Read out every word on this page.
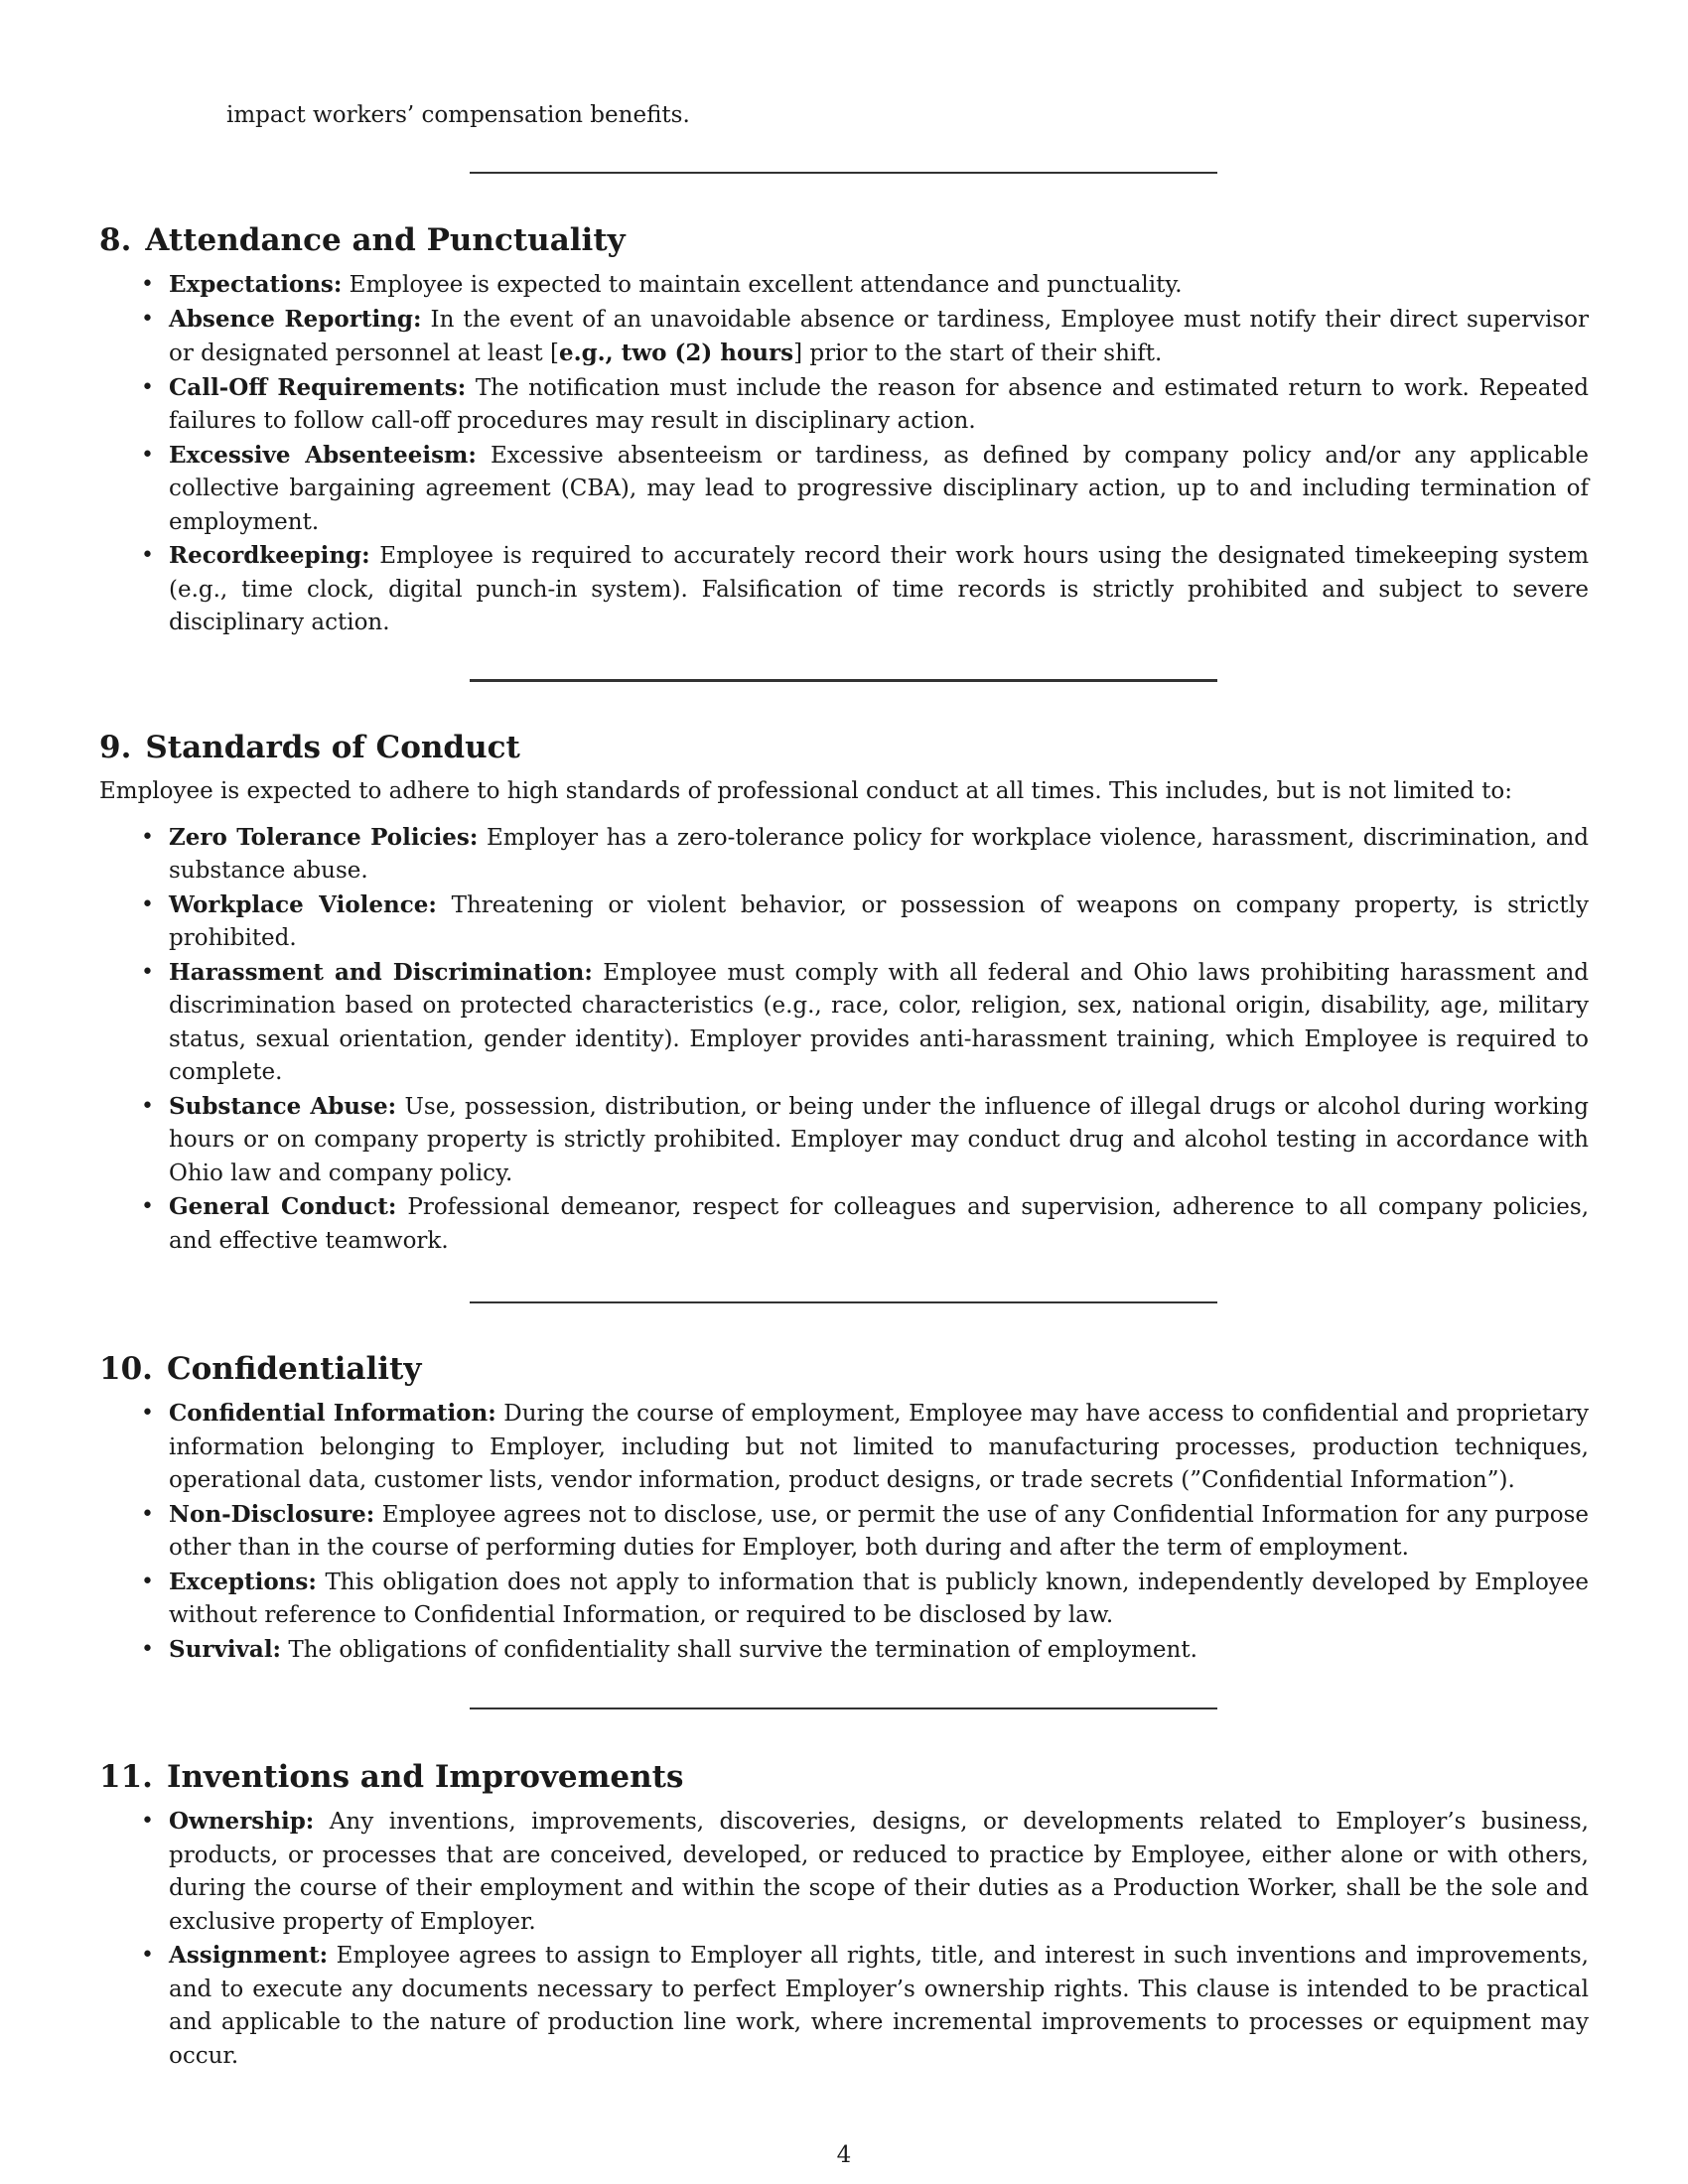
impact workers’ compensation benefits.
8. Attendance and Punctuality
• Expectations: Employee is expected to maintain excellent attendance and punctuality.
• Absence Reporting: In the event of an unavoidable absence or tardiness, Employee must notify their direct supervisor or designated personnel at least [e.g., two (2) hours] prior to the start of their shift.
• Call-Off Requirements: The notification must include the reason for absence and estimated return to work. Repeated failures to follow call-off procedures may result in disciplinary action.
• Excessive Absenteeism: Excessive absenteeism or tardiness, as defined by company policy and/or any applicable collective bargaining agreement (CBA), may lead to progressive disciplinary action, up to and including termination of employment.
• Recordkeeping: Employee is required to accurately record their work hours using the designated timekeeping system (e.g., time clock, digital punch-in system). Falsification of time records is strictly prohibited and subject to severe disciplinary action.
9. Standards of Conduct

Employee is expected to adhere to high standards of professional conduct at all times. This includes, but is not limited to:

• Zero Tolerance Policies: Employer has a zero-tolerance policy for workplace violence, harassment, discrimination, and substance abuse.
• Workplace Violence: Threatening or violent behavior, or possession of weapons on company property, is strictly prohibited.
• Harassment and Discrimination: Employee must comply with all federal and Ohio laws prohibiting harassment and discrimination based on protected characteristics (e.g., race, color, religion, sex, national origin, disability, age, military status, sexual orientation, gender identity). Employer provides anti-harassment training, which Employee is required to complete.
• Substance Abuse: Use, possession, distribution, or being under the influence of illegal drugs or alcohol during working hours or on company property is strictly prohibited. Employer may conduct drug and alcohol testing in accordance with Ohio law and company policy.
• General Conduct: Professional demeanor, respect for colleagues and supervision, adherence to all company policies, and effective teamwork.
10. Confidentiality
• Confidential Information: During the course of employment, Employee may have access to confidential and proprietary information belonging to Employer, including but not limited to manufacturing processes, production techniques, operational data, customer lists, vendor information, product designs, or trade secrets (”Confidential Information”).
• Non-Disclosure: Employee agrees not to disclose, use, or permit the use of any Confidential Information for any purpose other than in the course of performing duties for Employer, both during and after the term of employment.
• Exceptions: This obligation does not apply to information that is publicly known, independently developed by Employee without reference to Confidential Information, or required to be disclosed by law.
• Survival: The obligations of confidentiality shall survive the termination of employment.
11. Inventions and Improvements
• Ownership: Any inventions, improvements, discoveries, designs, or developments related to Employer’s business, products, or processes that are conceived, developed, or reduced to practice by Employee, either alone or with others, during the course of their employment and within the scope of their duties as a Production Worker, shall be the sole and exclusive property of Employer.
• Assignment: Employee agrees to assign to Employer all rights, title, and interest in such inventions and improvements, and to execute any documents necessary to perfect Employer’s ownership rights. This clause is intended to be practical and applicable to the nature of production line work, where incremental improvements to processes or equipment may occur.
4
